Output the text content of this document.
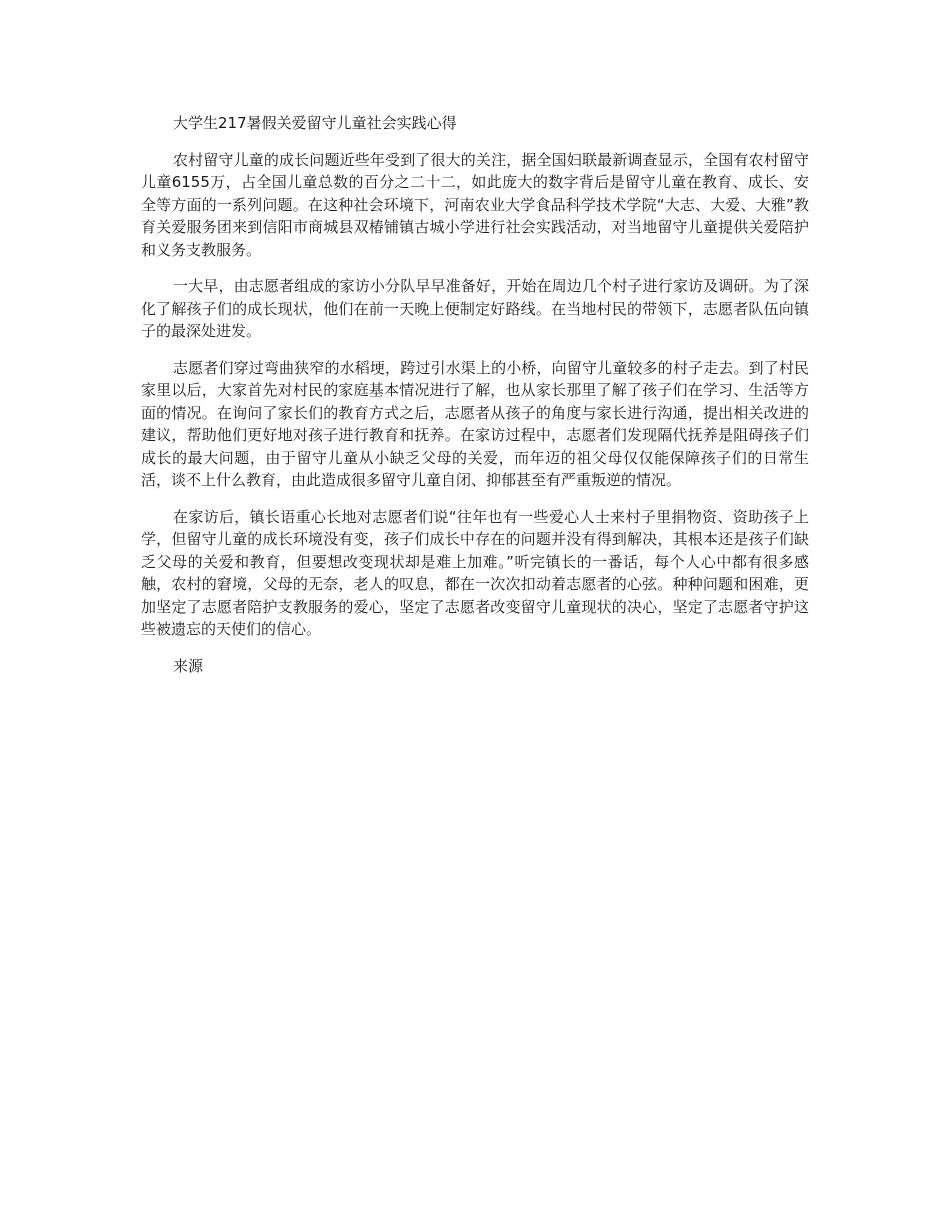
大学生217暑假关爱留守儿童社会实践心得

农村留守儿童的成长问题近些年受到了很大的关注，据全国妇联最新调查显示，全国有农村留守儿童6155万，占全国儿童总数的百分之二十二，如此庞大的数字背后是留守儿童在教育、成长、安全等方面的一系列问题。在这种社会环境下，河南农业大学食品科学技术学院“大志、大爱、大雅”教育关爱服务团来到信阳市商城县双椿铺镇古城小学进行社会实践活动，对当地留守儿童提供关爱陪护和义务支教服务。

一大早，由志愿者组成的家访小分队早早准备好，开始在周边几个村子进行家访及调研。为了深化了解孩子们的成长现状，他们在前一天晚上便制定好路线。在当地村民的带领下，志愿者队伍向镇子的最深处进发。

志愿者们穿过弯曲狭窄的水稻埂，跨过引水渠上的小桥，向留守儿童较多的村子走去。到了村民家里以后，大家首先对村民的家庭基本情况进行了解，也从家长那里了解了孩子们在学习、生活等方面的情况。在询问了家长们的教育方式之后，志愿者从孩子的角度与家长进行沟通，提出相关改进的建议，帮助他们更好地对孩子进行教育和抚养。在家访过程中，志愿者们发现隔代抚养是阻碍孩子们成长的最大问题，由于留守儿童从小缺乏父母的关爱，而年迈的祖父母仅仅能保障孩子们的日常生活，谈不上什么教育，由此造成很多留守儿童自闭、抑郁甚至有严重叛逆的情况。

在家访后，镇长语重心长地对志愿者们说“往年也有一些爱心人士来村子里捐物资、资助孩子上学，但留守儿童的成长环境没有变，孩子们成长中存在的问题并没有得到解决，其根本还是孩子们缺乏父母的关爱和教育，但要想改变现状却是难上加难。”听完镇长的一番话，每个人心中都有很多感触，农村的窘境，父母的无奈，老人的叹息，都在一次次扣动着志愿者的心弦。种种问题和困难，更加坚定了志愿者陪护支教服务的爱心，坚定了志愿者改变留守儿童现状的决心，坚定了志愿者守护这些被遗忘的天使们的信心。

来源
